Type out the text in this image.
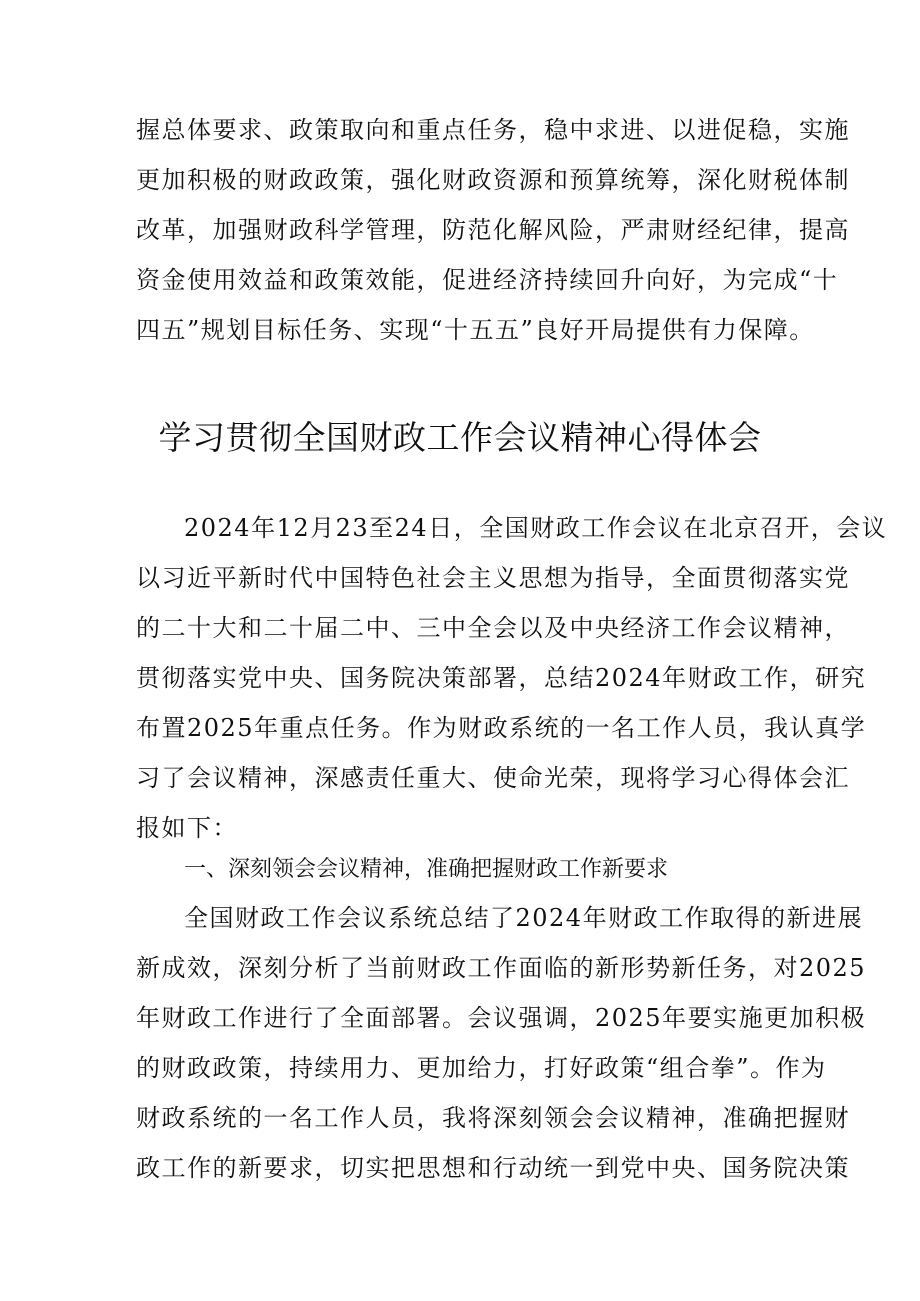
握总体要求、政策取向和重点任务，稳中求进、以进促稳，实施
更加积极的财政政策，强化财政资源和预算统筹，深化财税体制
改革，加强财政科学管理，防范化解风险，严肃财经纪律，提高
资金使用效益和政策效能，促进经济持续回升向好，为完成“十
四五”规划目标任务、实现“十五五”良好开局提供有力保障。
学习贯彻全国财政工作会议精神心得体会
2024年12月23至24日，全国财政工作会议在北京召开，会议
以习近平新时代中国特色社会主义思想为指导，全面贯彻落实党
的二十大和二十届二中、三中全会以及中央经济工作会议精神，
贯彻落实党中央、国务院决策部署，总结2024年财政工作，研究
布置2025年重点任务。作为财政系统的一名工作人员，我认真学
习了会议精神，深感责任重大、使命光荣，现将学习心得体会汇
报如下：
一、深刻领会会议精神，准确把握财政工作新要求
全国财政工作会议系统总结了2024年财政工作取得的新进展
新成效，深刻分析了当前财政工作面临的新形势新任务，对2025
年财政工作进行了全面部署。会议强调，2025年要实施更加积极
的财政政策，持续用力、更加给力，打好政策“组合拳”。作为
财政系统的一名工作人员，我将深刻领会会议精神，准确把握财
政工作的新要求，切实把思想和行动统一到党中央、国务院决策
